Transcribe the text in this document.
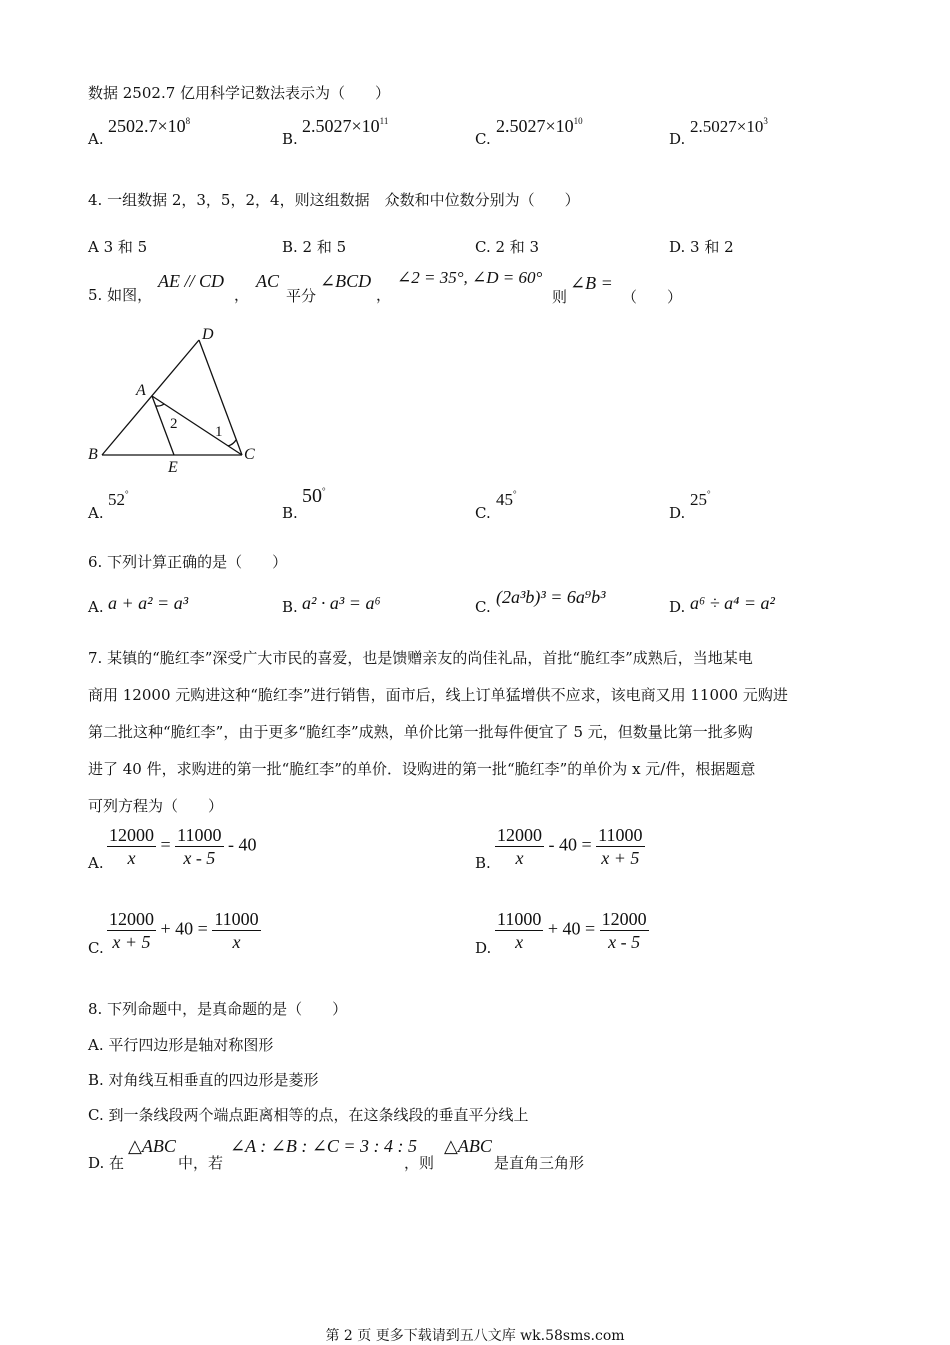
数据 2502.7 亿用科学记数法表示为（　　）
A.
$2502.7\times 10^8$
B.
$2.5027\times 10^{11}$
C.
$2.5027\times 10^{10}$
D.
$2.5027\times 10^3$
4. 一组数据 2，3，5，2，4，则这组数据　众数和中位数分别为（　　）
A 3 和 5	B. 2 和 5	C. 2 和 3	D. 3 和 2
5. 如图，
AE // CD
，
AC
平分
∠BCD
，
∠2 = 35°, ∠D = 60°
则
∠B =
（　　）
D
A
B	C
E
2	1
A.
52°
B.
50°
C.
45°
D.
25°
6. 下列计算正确的是（　　）
A. a + a² = a³	B. a² · a³ = a⁶	C. (2a³b)³ = 6a⁹b³	D. a⁶ ÷ a⁴ = a²
7. 某镇的“脆红李”深受广大市民的喜爱，也是馈赠亲友的尚佳礼品，首批“脆红李”成熟后，当地某电
商用 12000 元购进这种“脆红李”进行销售，面市后，线上订单猛增供不应求，该电商又用 11000 元购进
第二批这种“脆红李”，由于更多“脆红李”成熟，单价比第一批每件便宜了 5 元，但数量比第一批多购
进了 40 件，求购进的第一批“脆红李”的单价．设购进的第一批“脆红李”的单价为 x 元/件，根据题意
可列方程为（　　）
A. $\frac{12000}{x} = \frac{11000}{x - 5} - 40$
B. $\frac{12000}{x} - 40 = \frac{11000}{x + 5}$
C. $\frac{12000}{x + 5} + 40 = \frac{11000}{x}$	D. $\frac{11000}{x} + 40 = \frac{12000}{x - 5}$
8. 下列命题中，是真命题的是（　　）
A. 平行四边形是轴对称图形
B. 对角线互相垂直的四边形是菱形
C. 到一条线段两个端点距离相等的点，在这条线段的垂直平分线上
D. 在
△ABC
中，若
∠A : ∠B : ∠C = 3 : 4 : 5
，则
△ABC
是直角三角形
第 2 页 更多下载请到五八文库 wk.58sms.com
